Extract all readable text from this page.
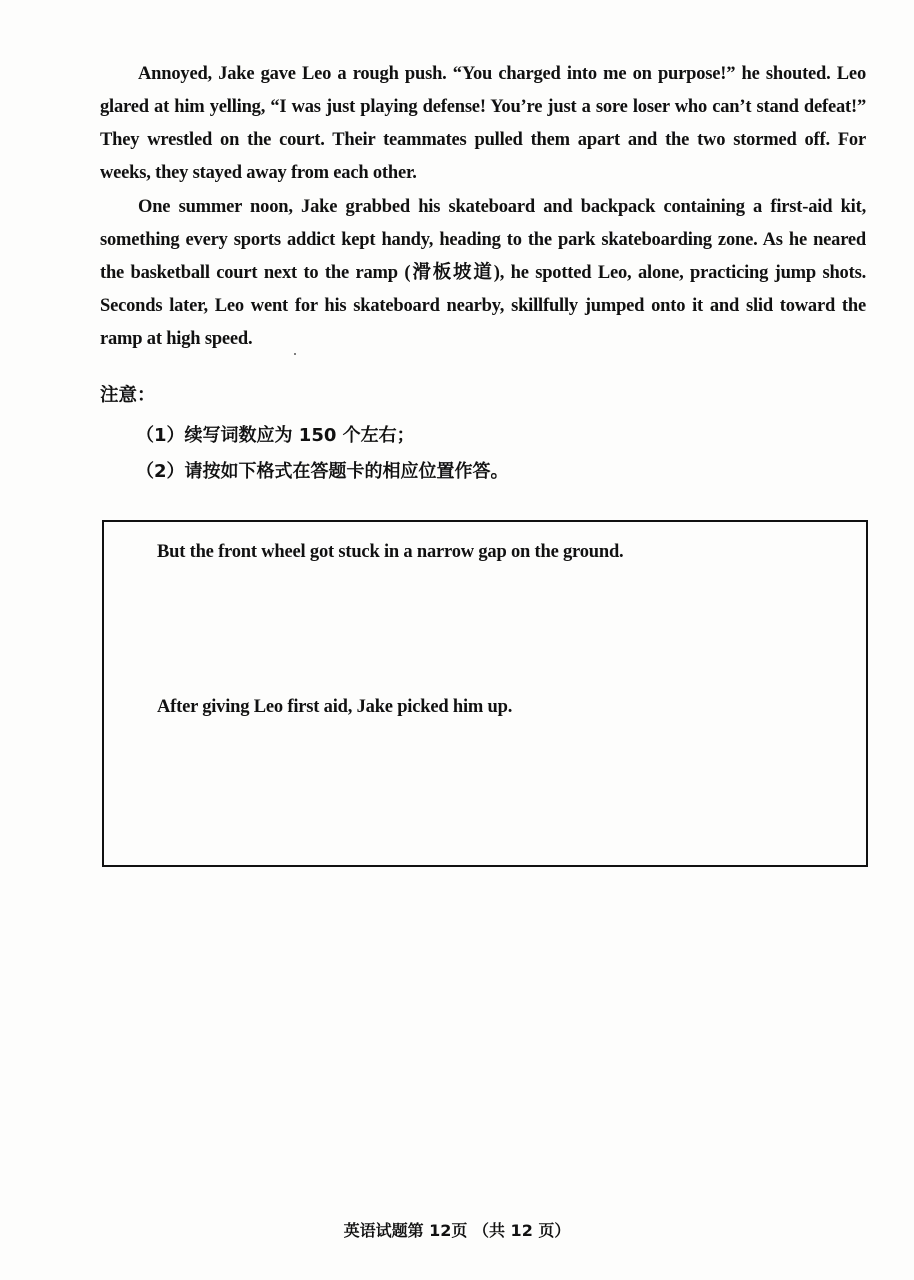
Annoyed, Jake gave Leo a rough push. “You charged into me on purpose!” he shouted. Leo glared at him yelling, “I was just playing defense! You’re just a sore loser who can’t stand defeat!” They wrestled on the court. Their teammates pulled them apart and the two stormed off. For weeks, they stayed away from each other.

One summer noon, Jake grabbed his skateboard and backpack containing a first-aid kit, something every sports addict kept handy, heading to the park skateboarding zone. As he neared the basketball court next to the ramp (滑板坡道), he spotted Leo, alone, practicing jump shots. Seconds later, Leo went for his skateboard nearby, skillfully jumped onto it and slid toward the ramp at high speed.

注意：
（1）续写词数应为 150 个左右；
（2）请按如下格式在答题卡的相应位置作答。
But the front wheel got stuck in a narrow gap on the ground.
After giving Leo first aid, Jake picked him up.
英语试题第 12页 （共 12 页）
